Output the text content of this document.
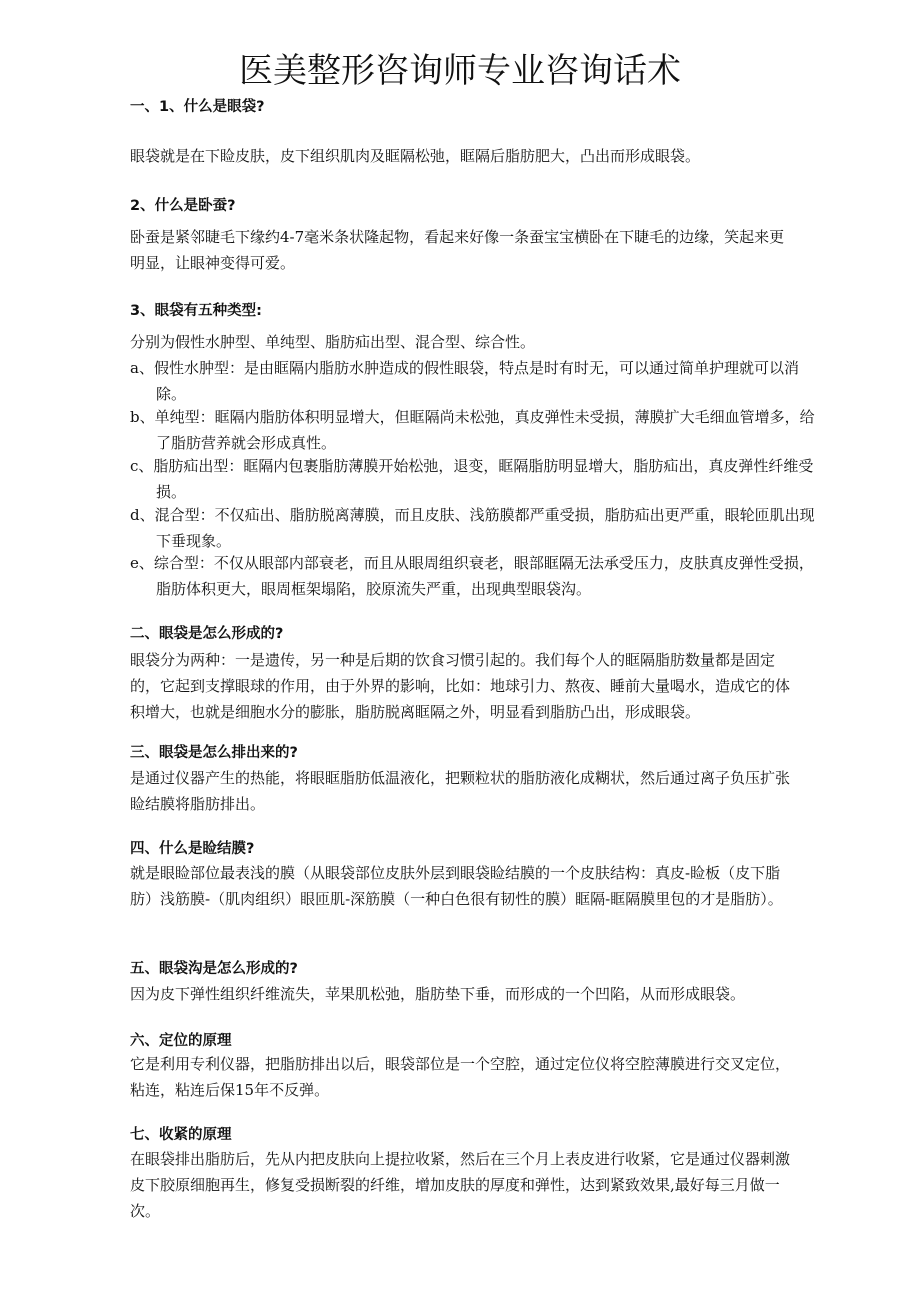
医美整形咨询师专业咨询话术
一、1、什么是眼袋?

眼袋就是在下睑皮肤，皮下组织肌肉及眶隔松弛，眶隔后脂肪肥大，凸出而形成眼袋。

2、什么是卧蚕?

卧蚕是紧邻睫毛下缘约4-7毫米条状隆起物，看起来好像一条蚕宝宝横卧在下睫毛的边缘，笑起来更明显，让眼神变得可爱。

3、眼袋有五种类型:

分别为假性水肿型、单纯型、脂肪疝出型、混合型、综合性。

a、假性水肿型：是由眶隔内脂肪水肿造成的假性眼袋，特点是时有时无，可以通过简单护理就可以消除。

b、单纯型：眶隔内脂肪体积明显增大，但眶隔尚未松弛，真皮弹性未受损，薄膜扩大毛细血管增多，给了脂肪营养就会形成真性。

c、脂肪疝出型：眶隔内包裹脂肪薄膜开始松弛，退变，眶隔脂肪明显增大，脂肪疝出，真皮弹性纤维受损。

d、混合型：不仅疝出、脂肪脱离薄膜，而且皮肤、浅筋膜都严重受损，脂肪疝出更严重，眼轮匝肌出现下垂现象。

e、综合型：不仅从眼部内部衰老，而且从眼周组织衰老，眼部眶隔无法承受压力，皮肤真皮弹性受损，脂肪体积更大，眼周框架塌陷，胶原流失严重，出现典型眼袋沟。

二、眼袋是怎么形成的?

眼袋分为两种：一是遗传，另一种是后期的饮食习惯引起的。我们每个人的眶隔脂肪数量都是固定的，它起到支撑眼球的作用，由于外界的影响，比如：地球引力、熬夜、睡前大量喝水，造成它的体积增大，也就是细胞水分的膨胀，脂肪脱离眶隔之外，明显看到脂肪凸出，形成眼袋。

三、眼袋是怎么排出来的?

是通过仪器产生的热能，将眼眶脂肪低温液化，把颗粒状的脂肪液化成糊状，然后通过离子负压扩张睑结膜将脂肪排出。

四、什么是睑结膜?

就是眼睑部位最表浅的膜（从眼袋部位皮肤外层到眼袋睑结膜的一个皮肤结构：真皮-睑板（皮下脂肪）浅筋膜-（肌肉组织）眼匝肌-深筋膜（一种白色很有韧性的膜）眶隔-眶隔膜里包的才是脂肪）。

五、眼袋沟是怎么形成的?

因为皮下弹性组织纤维流失，苹果肌松弛，脂肪垫下垂，而形成的一个凹陷，从而形成眼袋。

六、定位的原理

它是利用专利仪器，把脂肪排出以后，眼袋部位是一个空腔，通过定位仪将空腔薄膜进行交叉定位，粘连，粘连后保15年不反弹。

七、收紧的原理

在眼袋排出脂肪后，先从内把皮肤向上提拉收紧，然后在三个月上表皮进行收紧，它是通过仪器刺激皮下胶原细胞再生，修复受损断裂的纤维，增加皮肤的厚度和弹性，达到紧致效果,最好每三月做一次。
